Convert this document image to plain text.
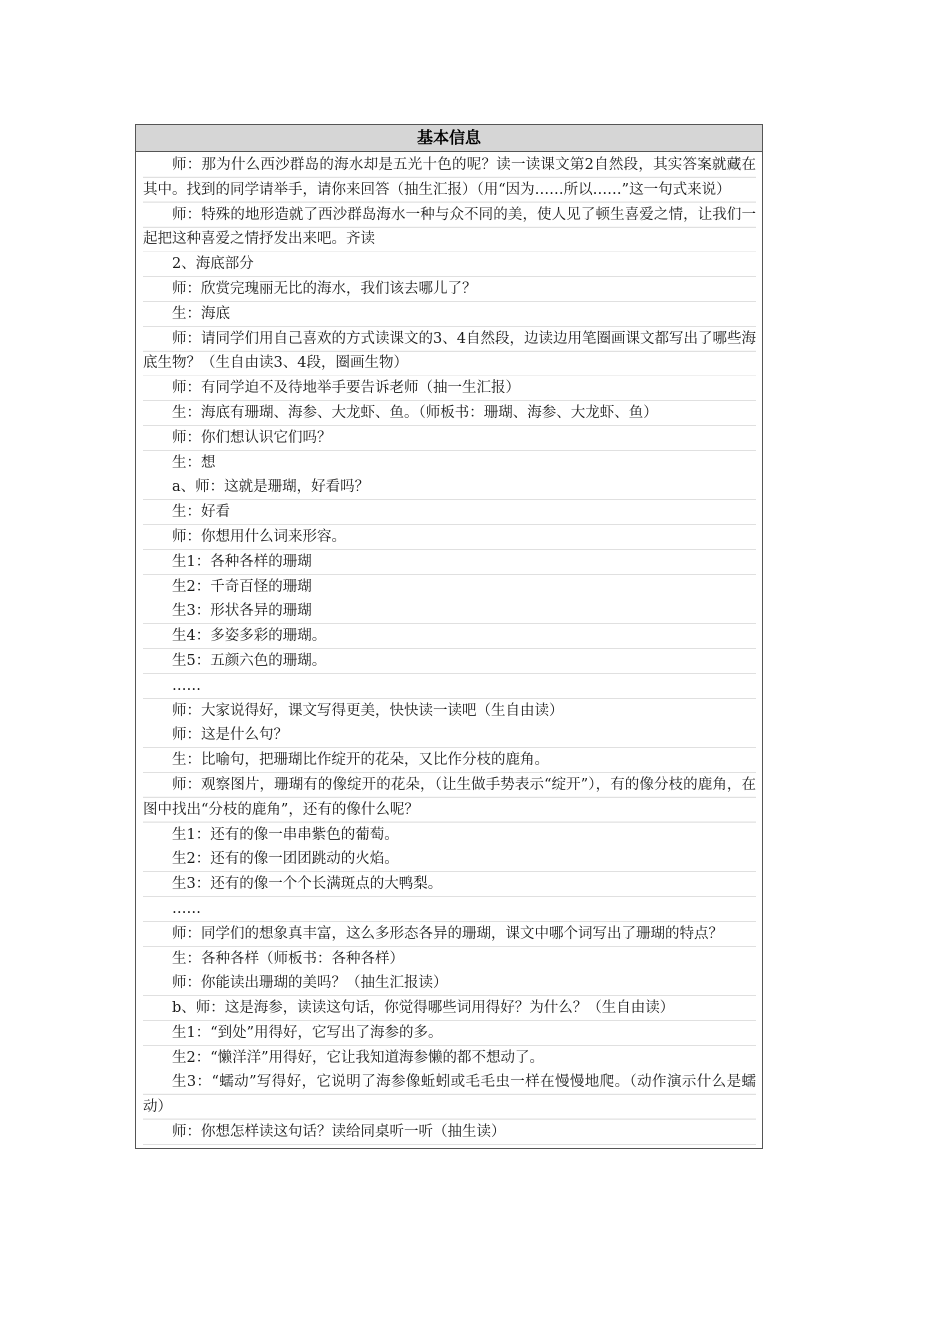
基本信息

师：那为什么西沙群岛的海水却是五光十色的呢？读一读课文第2自然段，其实答案就藏在其中。找到的同学请举手，请你来回答（抽生汇报）（用“因为……所以……”这一句式来说）

师：特殊的地形造就了西沙群岛海水一种与众不同的美，使人见了顿生喜爱之情，让我们一起把这种喜爱之情抒发出来吧。齐读

2、海底部分

师：欣赏完瑰丽无比的海水，我们该去哪儿了？

生：海底

师：请同学们用自己喜欢的方式读课文的3、4自然段，边读边用笔圈画课文都写出了哪些海底生物？（生自由读3、4段，圈画生物）

师：有同学迫不及待地举手要告诉老师（抽一生汇报）

生：海底有珊瑚、海参、大龙虾、鱼。（师板书：珊瑚、海参、大龙虾、鱼）

师：你们想认识它们吗？

生：想

a、师：这就是珊瑚，好看吗？

生：好看

师：你想用什么词来形容。

生1：各种各样的珊瑚

生2：千奇百怪的珊瑚

生3：形状各异的珊瑚

生4：多姿多彩的珊瑚。

生5：五颜六色的珊瑚。

……

师：大家说得好，课文写得更美，快快读一读吧（生自由读）

师：这是什么句？

生：比喻句，把珊瑚比作绽开的花朵，又比作分枝的鹿角。

师：观察图片，珊瑚有的像绽开的花朵，（让生做手势表示“绽开”），有的像分枝的鹿角，在图中找出“分枝的鹿角”，还有的像什么呢？

生1：还有的像一串串紫色的葡萄。

生2：还有的像一团团跳动的火焰。

生3：还有的像一个个长满斑点的大鸭梨。

……

师：同学们的想象真丰富，这么多形态各异的珊瑚，课文中哪个词写出了珊瑚的特点？

生：各种各样（师板书：各种各样）

师：你能读出珊瑚的美吗？（抽生汇报读）

b、师：这是海参，读读这句话，你觉得哪些词用得好？为什么？（生自由读）

生1：“到处”用得好，它写出了海参的多。

生2：“懒洋洋”用得好，它让我知道海参懒的都不想动了。

生3：“蠕动”写得好，它说明了海参像蚯蚓或毛毛虫一样在慢慢地爬。（动作演示什么是蠕动）

师：你想怎样读这句话？读给同桌听一听（抽生读）
